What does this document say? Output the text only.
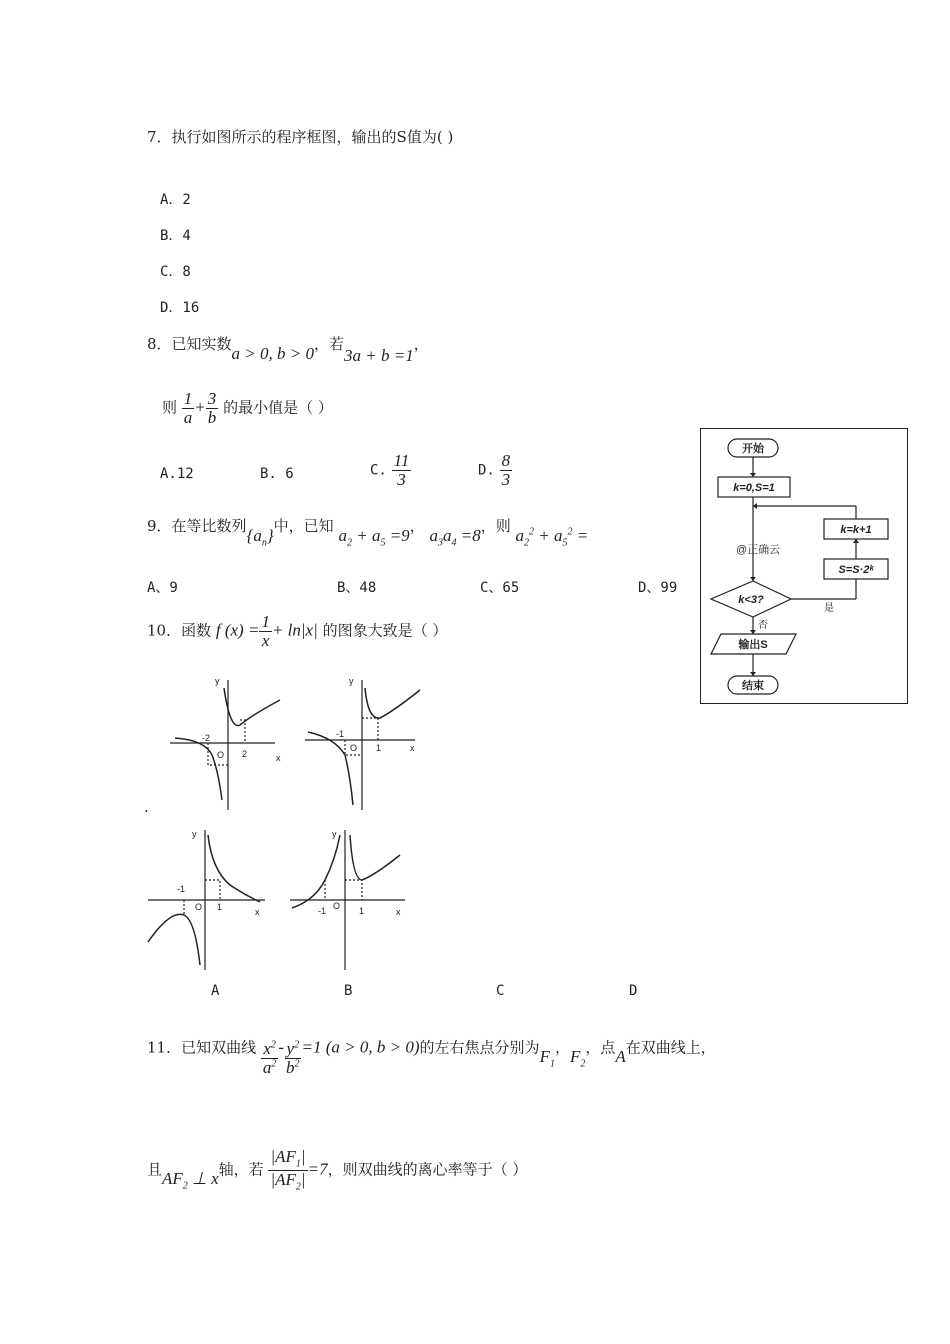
7．执行如图所示的程序框图，输出的S值为( )
A．2
B．4
C．8
D．16
8．已知实数a > 0, b > 0，若3a + b =1，
则 $\frac{1}{a} + \frac{3}{b}$ 的最小值是（ ）
A.12	B. 6	C. $\frac{11}{3}$	D. $\frac{8}{3}$
9．在等比数列$\{a_n\}$中，已知 $a_2 + a_5 =9$， $a_3a_4 =8$，则 $a_2^2 + a_5^2$ =
A、9	B、48	C、65	D、99
10．函数 f $(x) = \frac{1}{x} + \ln|x|$ 的图象大致是（ ）
y
x
-2
O 2
y
x
-1
O 1
y
x
-1
O 1
y
x
-1 O 1
.
A	B	C	D
11．已知双曲线 $\frac{x^2}{a^2} - \frac{y^2}{b^2} =1$ (a > 0, b > 0)的左右焦点分别为$F_1$，$F_2$，点A在双曲线上，
且$AF_2$ ⊥ x轴，若 $\frac{|AF_1|}{|AF_2|} =7$，则双曲线的离心率等于（ ）
开始
k=0,S=1
k=k+1
S=S·2ᵏ
k<3?
输出S
结束
否
是
@正确云
